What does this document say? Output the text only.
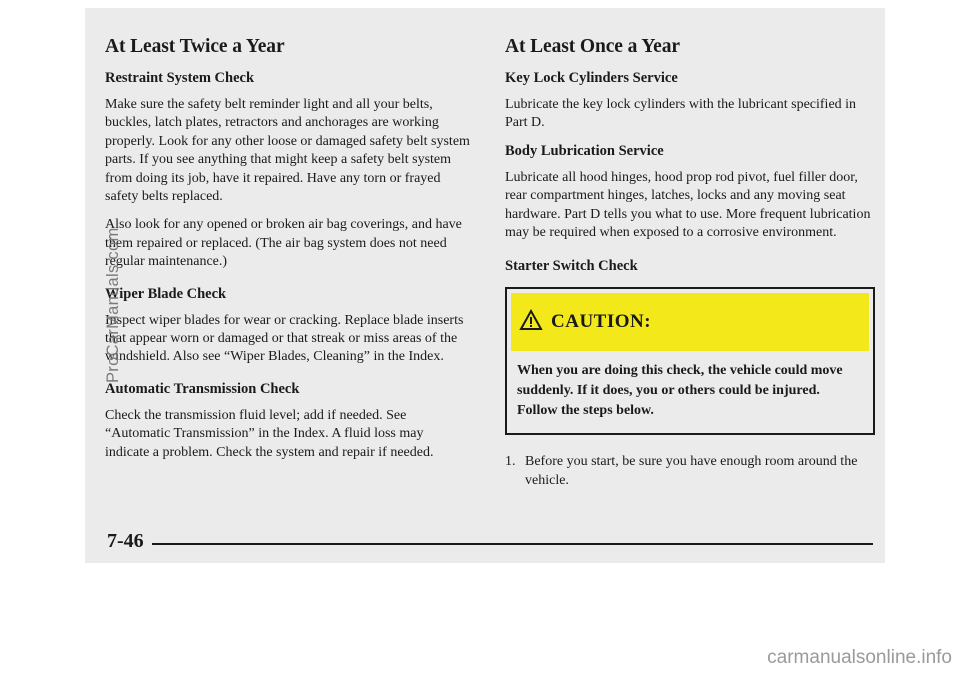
At Least Twice a Year
Restraint System Check

Make sure the safety belt reminder light and all your belts, buckles, latch plates, retractors and anchorages are working properly. Look for any other loose or damaged safety belt system parts. If you see anything that might keep a safety belt system from doing its job, have it repaired. Have any torn or frayed safety belts replaced.

Also look for any opened or broken air bag coverings, and have them repaired or replaced. (The air bag system does not need regular maintenance.)

Wiper Blade Check

Inspect wiper blades for wear or cracking. Replace blade inserts that appear worn or damaged or that streak or miss areas of the windshield. Also see “Wiper Blades, Cleaning” in the Index.

Automatic Transmission Check

Check the transmission fluid level; add if needed. See “Automatic Transmission” in the Index. A fluid loss may indicate a problem. Check the system and repair if needed.

At Least Once a Year
Key Lock Cylinders Service

Lubricate the key lock cylinders with the lubricant specified in Part D.

Body Lubrication Service

Lubricate all hood hinges, hood prop rod pivot, fuel filler door, rear compartment hinges, latches, locks and any moving seat hardware. Part D tells you what to use. More frequent lubrication may be required when exposed to a corrosive environment.

Starter Switch Check
CAUTION:
When you are doing this check, the vehicle could move suddenly. If it does, you or others could be injured. Follow the steps below.
1. Before you start, be sure you have enough room around the vehicle.
7-46
ProCarManuals.com
carmanualsonline.info
